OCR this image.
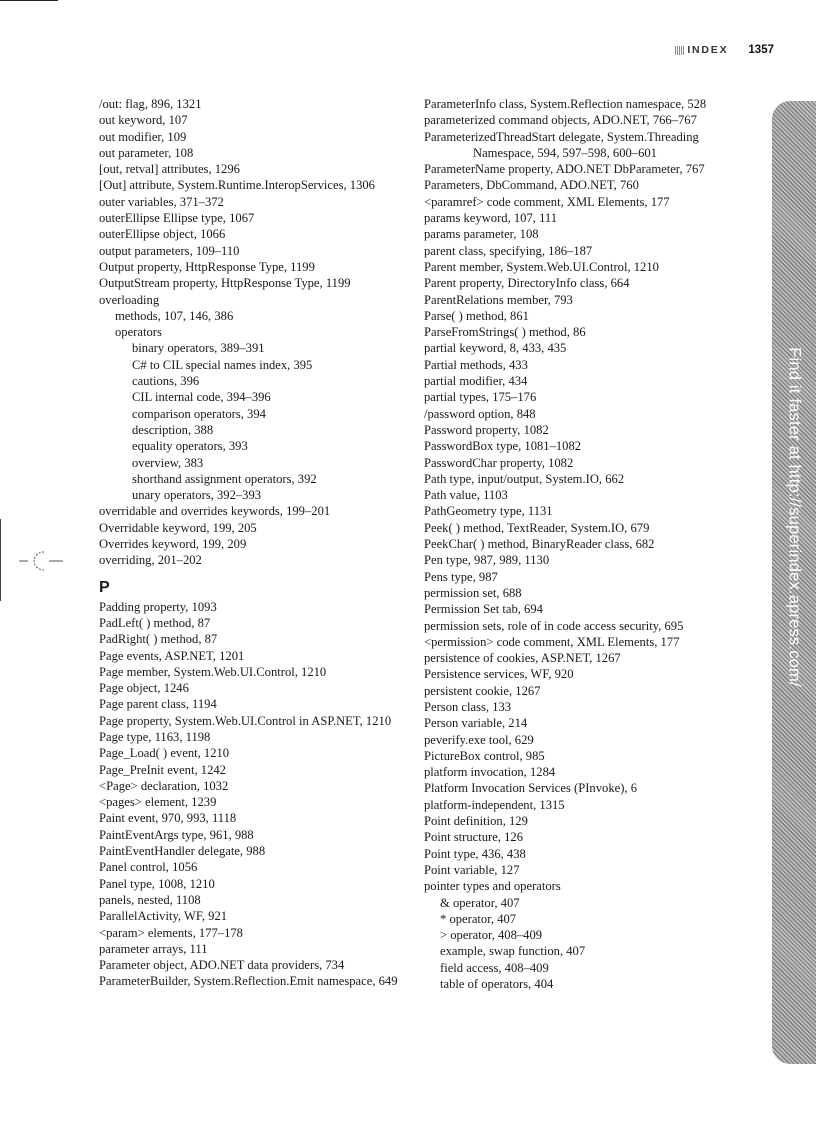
INDEX 1357
/out: flag, 896, 1321
out keyword, 107
out modifier, 109
out parameter, 108
[out, retval] attributes, 1296
[Out] attribute, System.Runtime.InteropServices, 1306
outer variables, 371–372
outerEllipse Ellipse type, 1067
outerEllipse object, 1066
output parameters, 109–110
Output property, HttpResponse Type, 1199
OutputStream property, HttpResponse Type, 1199
overloading
methods, 107, 146, 386
operators
binary operators, 389–391
C# to CIL special names index, 395
cautions, 396
CIL internal code, 394–396
comparison operators, 394
description, 388
equality operators, 393
overview, 383
shorthand assignment operators, 392
unary operators, 392–393
overridable and overrides keywords, 199–201
Overridable keyword, 199, 205
Overrides keyword, 199, 209
overriding, 201–202
P
Padding property, 1093
PadLeft( ) method, 87
PadRight( ) method, 87
Page events, ASP.NET, 1201
Page member, System.Web.UI.Control, 1210
Page object, 1246
Page parent class, 1194
Page property, System.Web.UI.Control in ASP.NET, 1210
Page type, 1163, 1198
Page_Load( ) event, 1210
Page_PreInit event, 1242
<Page> declaration, 1032
<pages> element, 1239
Paint event, 970, 993, 1118
PaintEventArgs type, 961, 988
PaintEventHandler delegate, 988
Panel control, 1056
Panel type, 1008, 1210
panels, nested, 1108
ParallelActivity, WF, 921
<param> elements, 177–178
parameter arrays, 111
Parameter object, ADO.NET data providers, 734
ParameterBuilder, System.Reflection.Emit namespace, 649
ParameterInfo class, System.Reflection namespace, 528
parameterized command objects, ADO.NET, 766–767
ParameterizedThreadStart delegate, System.Threading Namespace, 594, 597–598, 600–601
ParameterName property, ADO.NET DbParameter, 767
Parameters, DbCommand, ADO.NET, 760
<paramref> code comment, XML Elements, 177
params keyword, 107, 111
params parameter, 108
parent class, specifying, 186–187
Parent member, System.Web.UI.Control, 1210
Parent property, DirectoryInfo class, 664
ParentRelations member, 793
Parse( ) method, 861
ParseFromStrings( ) method, 86
partial keyword, 8, 433, 435
Partial methods, 433
partial modifier, 434
partial types, 175–176
/password option, 848
Password property, 1082
PasswordBox type, 1081–1082
PasswordChar property, 1082
Path type, input/output, System.IO, 662
Path value, 1103
PathGeometry type, 1131
Peek( ) method, TextReader, System.IO, 679
PeekChar( ) method, BinaryReader class, 682
Pen type, 987, 989, 1130
Pens type, 987
permission set, 688
Permission Set tab, 694
permission sets, role of in code access security, 695
<permission> code comment, XML Elements, 177
persistence of cookies, ASP.NET, 1267
Persistence services, WF, 920
persistent cookie, 1267
Person class, 133
Person variable, 214
peverify.exe tool, 629
PictureBox control, 985
platform invocation, 1284
Platform Invocation Services (PInvoke), 6
platform-independent, 1315
Point definition, 129
Point structure, 126
Point type, 436, 438
Point variable, 127
pointer types and operators
& operator, 407
* operator, 407
> operator, 408–409
example, swap function, 407
field access, 408–409
table of operators, 404
Find it faster at http://superindex.apress.com/
